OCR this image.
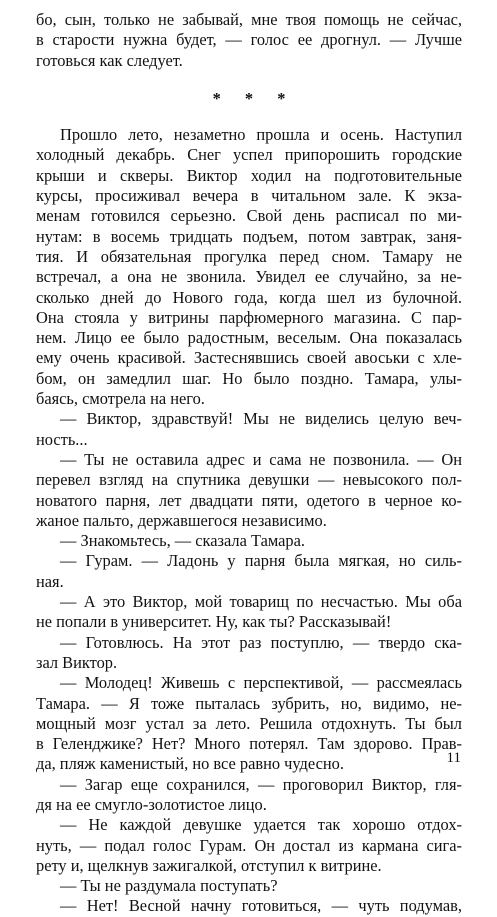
бо, сын, только не забывай, мне твоя помощь не сейчас,
в старости нужна будет, — голос ее дрогнул. — Лучше
готовься как следует.
* * *
Прошло лето, незаметно прошла и осень. Наступил
холодный декабрь. Снег успел припорошить городские
крыши и скверы. Виктор ходил на подготовительные
курсы, просиживал вечера в читальном зале. К экза-
менам готовился серьезно. Свой день расписал по ми-
нутам: в восемь тридцать подъем, потом завтрак, заня-
тия. И обязательная прогулка перед сном. Тамару не
встречал, а она не звонила. Увидел ее случайно, за не-
сколько дней до Нового года, когда шел из булочной.
Она стояла у витрины парфюмерного магазина. С пар-
нем. Лицо ее было радостным, веселым. Она показалась
ему очень красивой. Застеснявшись своей авоськи с хле-
бом, он замедлил шаг. Но было поздно. Тамара, улы-
баясь, смотрела на него.
— Виктор, здравствуй! Мы не виделись целую веч-
ность...
— Ты не оставила адрес и сама не позвонила. — Он
перевел взгляд на спутника девушки — невысокого пол-
новатого парня, лет двадцати пяти, одетого в черное ко-
жаное пальто, державшегося независимо.
— Знакомьтесь, — сказала Тамара.
— Гурам. — Ладонь у парня была мягкая, но силь-
ная.
— А это Виктор, мой товарищ по несчастью. Мы оба
не попали в университет. Ну, как ты? Рассказывай!
— Готовлюсь. На этот раз поступлю, — твердо ска-
зал Виктор.
— Молодец! Живешь с перспективой, — рассмеялась
Тамара. — Я тоже пыталась зубрить, но, видимо, не-
мощный мозг устал за лето. Решила отдохнуть. Ты был
в Геленджике? Нет? Много потерял. Там здорово. Прав-
да, пляж каменистый, но все равно чудесно.
— Загар еще сохранился, — проговорил Виктор, гля-
дя на ее смугло-золотистое лицо.
— Не каждой девушке удается так хорошо отдох-
нуть, — подал голос Гурам. Он достал из кармана сига-
рету и, щелкнув зажигалкой, отступил к витрине.
— Ты не раздумала поступать?
— Нет! Весной начну готовиться, — чуть подумав,
11
